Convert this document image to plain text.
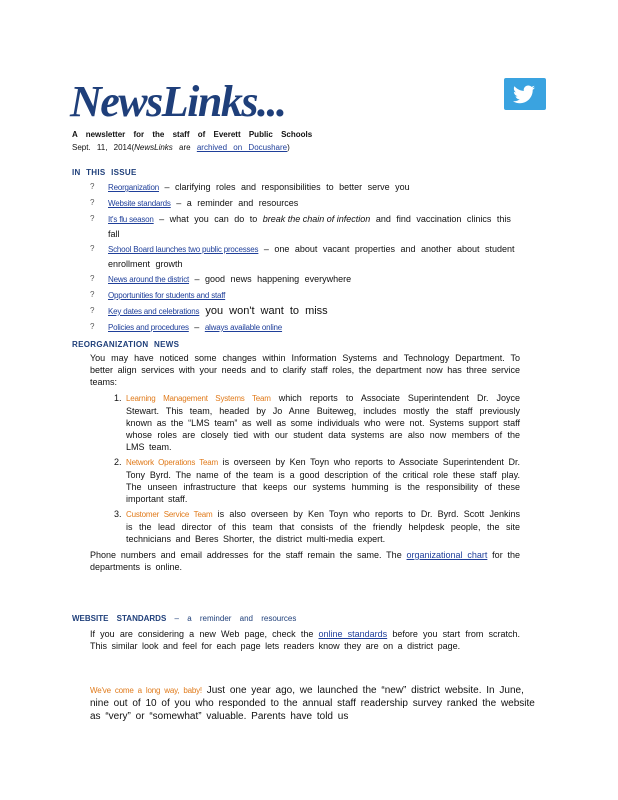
NewsLinks...
A newsletter for the staff of Everett Public Schools
Sept. 11, 2014(NewsLinks are archived on Docushare)
IN THIS ISSUE
? Reorganization – clarifying roles and responsibilities to better serve you
? Website standards – a reminder and resources
? It's flu season – what you can do to break the chain of infection and find vaccination clinics this fall
? School Board launches two public processes – one about vacant properties and another about student enrollment growth
? News around the district – good news happening everywhere
? Opportunities for students and staff
? Key dates and celebrations you won't want to miss
? Policies and procedures – always available online
REORGANIZATION NEWS
You may have noticed some changes within Information Systems and Technology Department. To better align services with your needs and to clarify staff roles, the department now has three service teams:
1. Learning Management Systems Team which reports to Associate Superintendent Dr. Joyce Stewart. This team, headed by Jo Anne Buiteweg, includes mostly the staff previously known as the “LMS team” as well as some individuals who were not. Systems support staff whose roles are closely tied with our student data systems are also now members of the LMS team.
2. Network Operations Team is overseen by Ken Toyn who reports to Associate Superintendent Dr. Tony Byrd. The name of the team is a good description of the critical role these staff play. The unseen infrastructure that keeps our systems humming is the responsibility of these important staff.
3. Customer Service Team is also overseen by Ken Toyn who reports to Dr. Byrd. Scott Jenkins is the lead director of this team that consists of the friendly helpdesk people, the site technicians and Beres Shorter, the district multi-media expert.
Phone numbers and email addresses for the staff remain the same. The organizational chart for the departments is online.
WEBSITE STANDARDS – a reminder and resources
If you are considering a new Web page, check the online standards before you start from scratch. This similar look and feel for each page lets readers know they are on a district page.
We've come a long way, baby! Just one year ago, we launched the “new” district website. In June, nine out of 10 of you who responded to the annual staff readership survey ranked the website as “very” or “somewhat” valuable. Parents have told us
